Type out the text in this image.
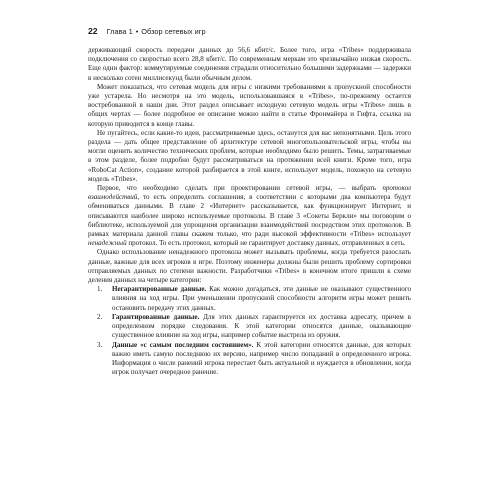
22 Глава 1 • Обзор сетевых игр

держивающий скорость передачи данных до 56,6 кбит/с. Более того, игра «Tribes» поддерживала подключения со скоростью всего 28,8 кбит/с. По современным меркам это чрезвычайно низкая скорость. Еще одни фактор: коммутируемые соединения страдали относительно большими задержками — задержки в несколько сотен миллисекунд были обычным делом.

Может показаться, что сетевая модель для игры с низкими требованиями к пропускной способности уже устарела. Но несмотря на это модель, использовавшаяся в «Tribes», по-прежнему остается востребованной в наши дни. Этот раздел описывает исходную сетевую модель игры «Tribes» лишь в общих чертах — более подробное ее описание можно найти в статье Фронмайера и Гифта, ссылка на которую приводится в конце главы.

Не пугайтесь, если какие-то идеи, рассматриваемые здесь, останутся для вас непонятными. Цель этого раздела — дать общее представление об архитектуре сетевой многопользовательской игры, чтобы вы могли оценить количество технических проблем, которые необходимо было решить. Темы, затрагиваемые в этом разделе, более подробно будут рассматриваться на протяжении всей книги. Кроме того, игра «RoboCat Action», создание которой разбирается в этой книге, использует модель, похожую на сетевую модель «Tribes».

Первое, что необходимо сделать при проектировании сетевой игры, — выбрать протокол взаимодействий, то есть определить соглашения, в соответствии с которыми два компьютера будут обмениваться данными. В главе 2 «Интернет» рассказывается, как функционирует Интернет, и описываются наиболее широко используемые протоколы. В главе 3 «Сокеты Беркли» мы поговорим о библиотеке, используемой для упрощения организации взаимодействий посредством этих протоколов. В рамках материала данной главы скажем только, что ради высокой эффективности «Tribes» использует ненадежный протокол. То есть протокол, который не гарантирует доставку данных, отправленных в сеть.

Однако использование ненадежного протокола может вызывать проблемы, когда требуется разослать данные, важные для всех игроков в игре. Поэтому инженеры должны были решить проблему сортировки отправляемых данных по степени важности. Разработчики «Tribes» в конечном итоге пришли к схеме деления данных на четыре категории:

1.	Негарантированные данные. Как можно догадаться, эти данные не оказывают существенного влияния на ход игры. При уменьшении пропускной способности алгоритм игры может решить остановить передачу этих данных.
2.	Гарантированные данные. Для этих данных гарантируется их доставка адресату, причем в определенном порядке следования. К этой категории относятся данные, оказывающие существенное влияние на ход игры, например событие выстрела из оружия.
3.	Данные «с самым последним состоянием». К этой категории относятся данные, для которых важно иметь самую последнюю их версию, например число попаданий в определенного игрока. Информация о числе ранений игрока перестает быть актуальной и нуждается в обновлении, когда игрок получает очередное ранение.
